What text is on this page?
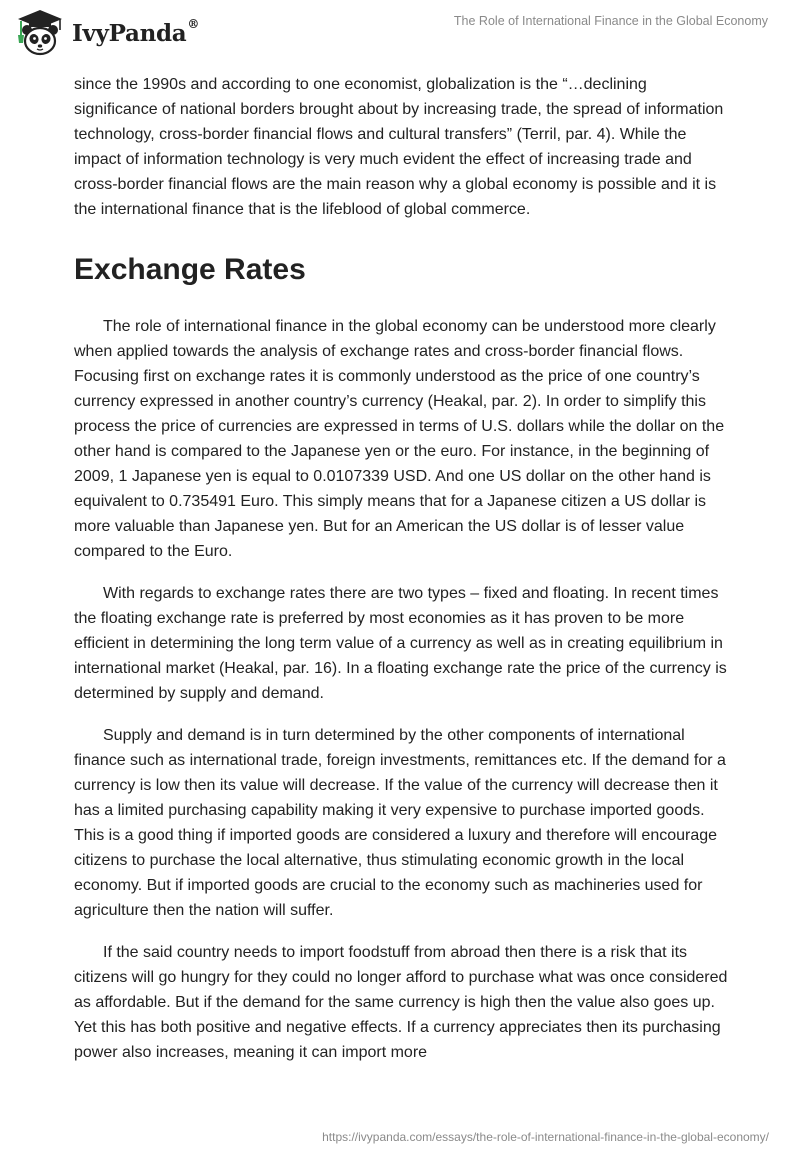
IvyPanda®	The Role of International Finance in the Global Economy

since the 1990s and according to one economist, globalization is the “…declining significance of national borders brought about by increasing trade, the spread of information technology, cross-border financial flows and cultural transfers” (Terril, par. 4). While the impact of information technology is very much evident the effect of increasing trade and cross-border financial flows are the main reason why a global economy is possible and it is the international finance that is the lifeblood of global commerce.

Exchange Rates

The role of international finance in the global economy can be understood more clearly when applied towards the analysis of exchange rates and cross-border financial flows. Focusing first on exchange rates it is commonly understood as the price of one country’s currency expressed in another country’s currency (Heakal, par. 2). In order to simplify this process the price of currencies are expressed in terms of U.S. dollars while the dollar on the other hand is compared to the Japanese yen or the euro. For instance, in the beginning of 2009, 1 Japanese yen is equal to 0.0107339 USD. And one US dollar on the other hand is equivalent to 0.735491 Euro. This simply means that for a Japanese citizen a US dollar is more valuable than Japanese yen. But for an American the US dollar is of lesser value compared to the Euro.

With regards to exchange rates there are two types – fixed and floating. In recent times the floating exchange rate is preferred by most economies as it has proven to be more efficient in determining the long term value of a currency as well as in creating equilibrium in international market (Heakal, par. 16). In a floating exchange rate the price of the currency is determined by supply and demand.

Supply and demand is in turn determined by the other components of international finance such as international trade, foreign investments, remittances etc. If the demand for a currency is low then its value will decrease. If the value of the currency will decrease then it has a limited purchasing capability making it very expensive to purchase imported goods. This is a good thing if imported goods are considered a luxury and therefore will encourage citizens to purchase the local alternative, thus stimulating economic growth in the local economy. But if imported goods are crucial to the economy such as machineries used for agriculture then the nation will suffer.

If the said country needs to import foodstuff from abroad then there is a risk that its citizens will go hungry for they could no longer afford to purchase what was once considered as affordable. But if the demand for the same currency is high then the value also goes up. Yet this has both positive and negative effects. If a currency appreciates then its purchasing power also increases, meaning it can import more

https://ivypanda.com/essays/the-role-of-international-finance-in-the-global-economy/
